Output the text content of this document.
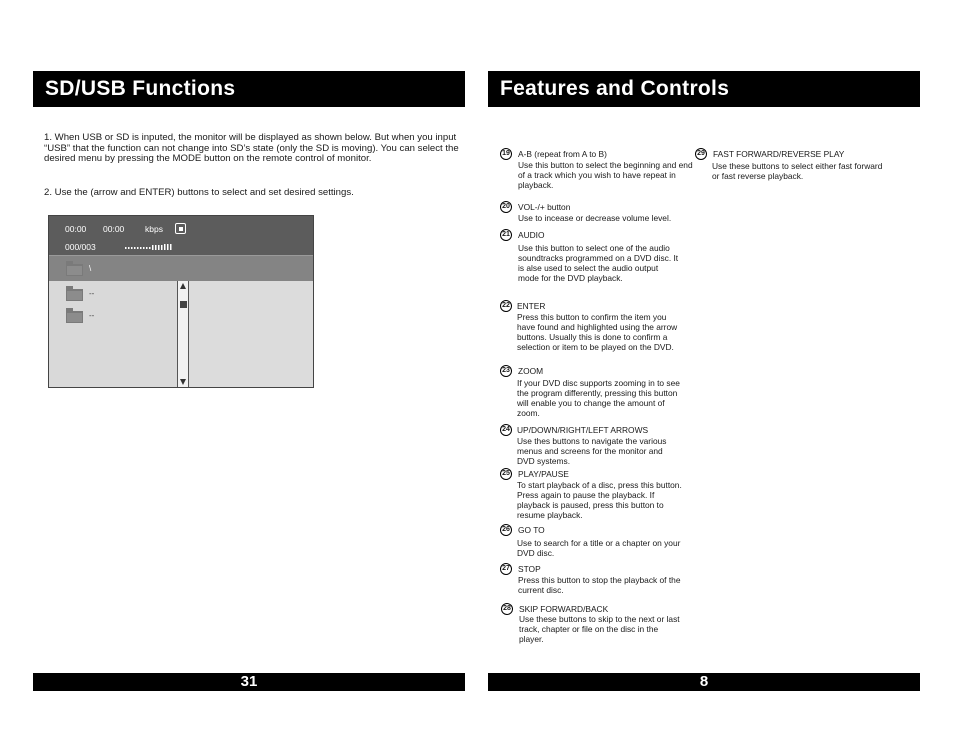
SD/USB Functions
1. When USB or SD is inputed, the monitor will be displayed as shown below. But when you input “USB” that the function can not change into SD’s state (only the SD is moving). You can select the desired menu by pressing the MODE button on the remote control of monitor.
2. Use the (arrow and ENTER) buttons to select and set desired settings.
00:00 00:00 kbps
000/003
\
--
--
31
Features and Controls
19 A-B (repeat from A to B)
Use this button to select the beginning and end of a track which you wish to have repeat in playback.
20 VOL-/+ button
Use to incease or decrease volume level.
21 AUDIO
Use this button to select one of the audio soundtracks programmed on a DVD disc. It is alse used to select the audio output mode for the DVD playback.
22 ENTER
Press this button to confirm the item you have found and highlighted using the arrow buttons. Usually this is done to confirm a selection or item to be played on the DVD.
23 ZOOM
If your DVD disc supports zooming in to see the program differently, pressing this button will enable you to change the amount of zoom.
24 UP/DOWN/RIGHT/LEFT ARROWS
Use thes buttons to navigate the various menus and screens for the monitor and DVD systems.
25 PLAY/PAUSE
To start playback of a disc, press this button. Press again to pause the playback. If playback is paused, press this button to resume playback.
26 GO TO
Use to search for a title or a chapter on your DVD disc.
27 STOP
Press this button to stop the playback of the current disc.
28 SKIP FORWARD/BACK
Use these buttons to skip to the next or last track, chapter or file on the disc in the player.
29 FAST FORWARD/REVERSE PLAY
Use these buttons to select either fast forward or fast reverse playback.
8
